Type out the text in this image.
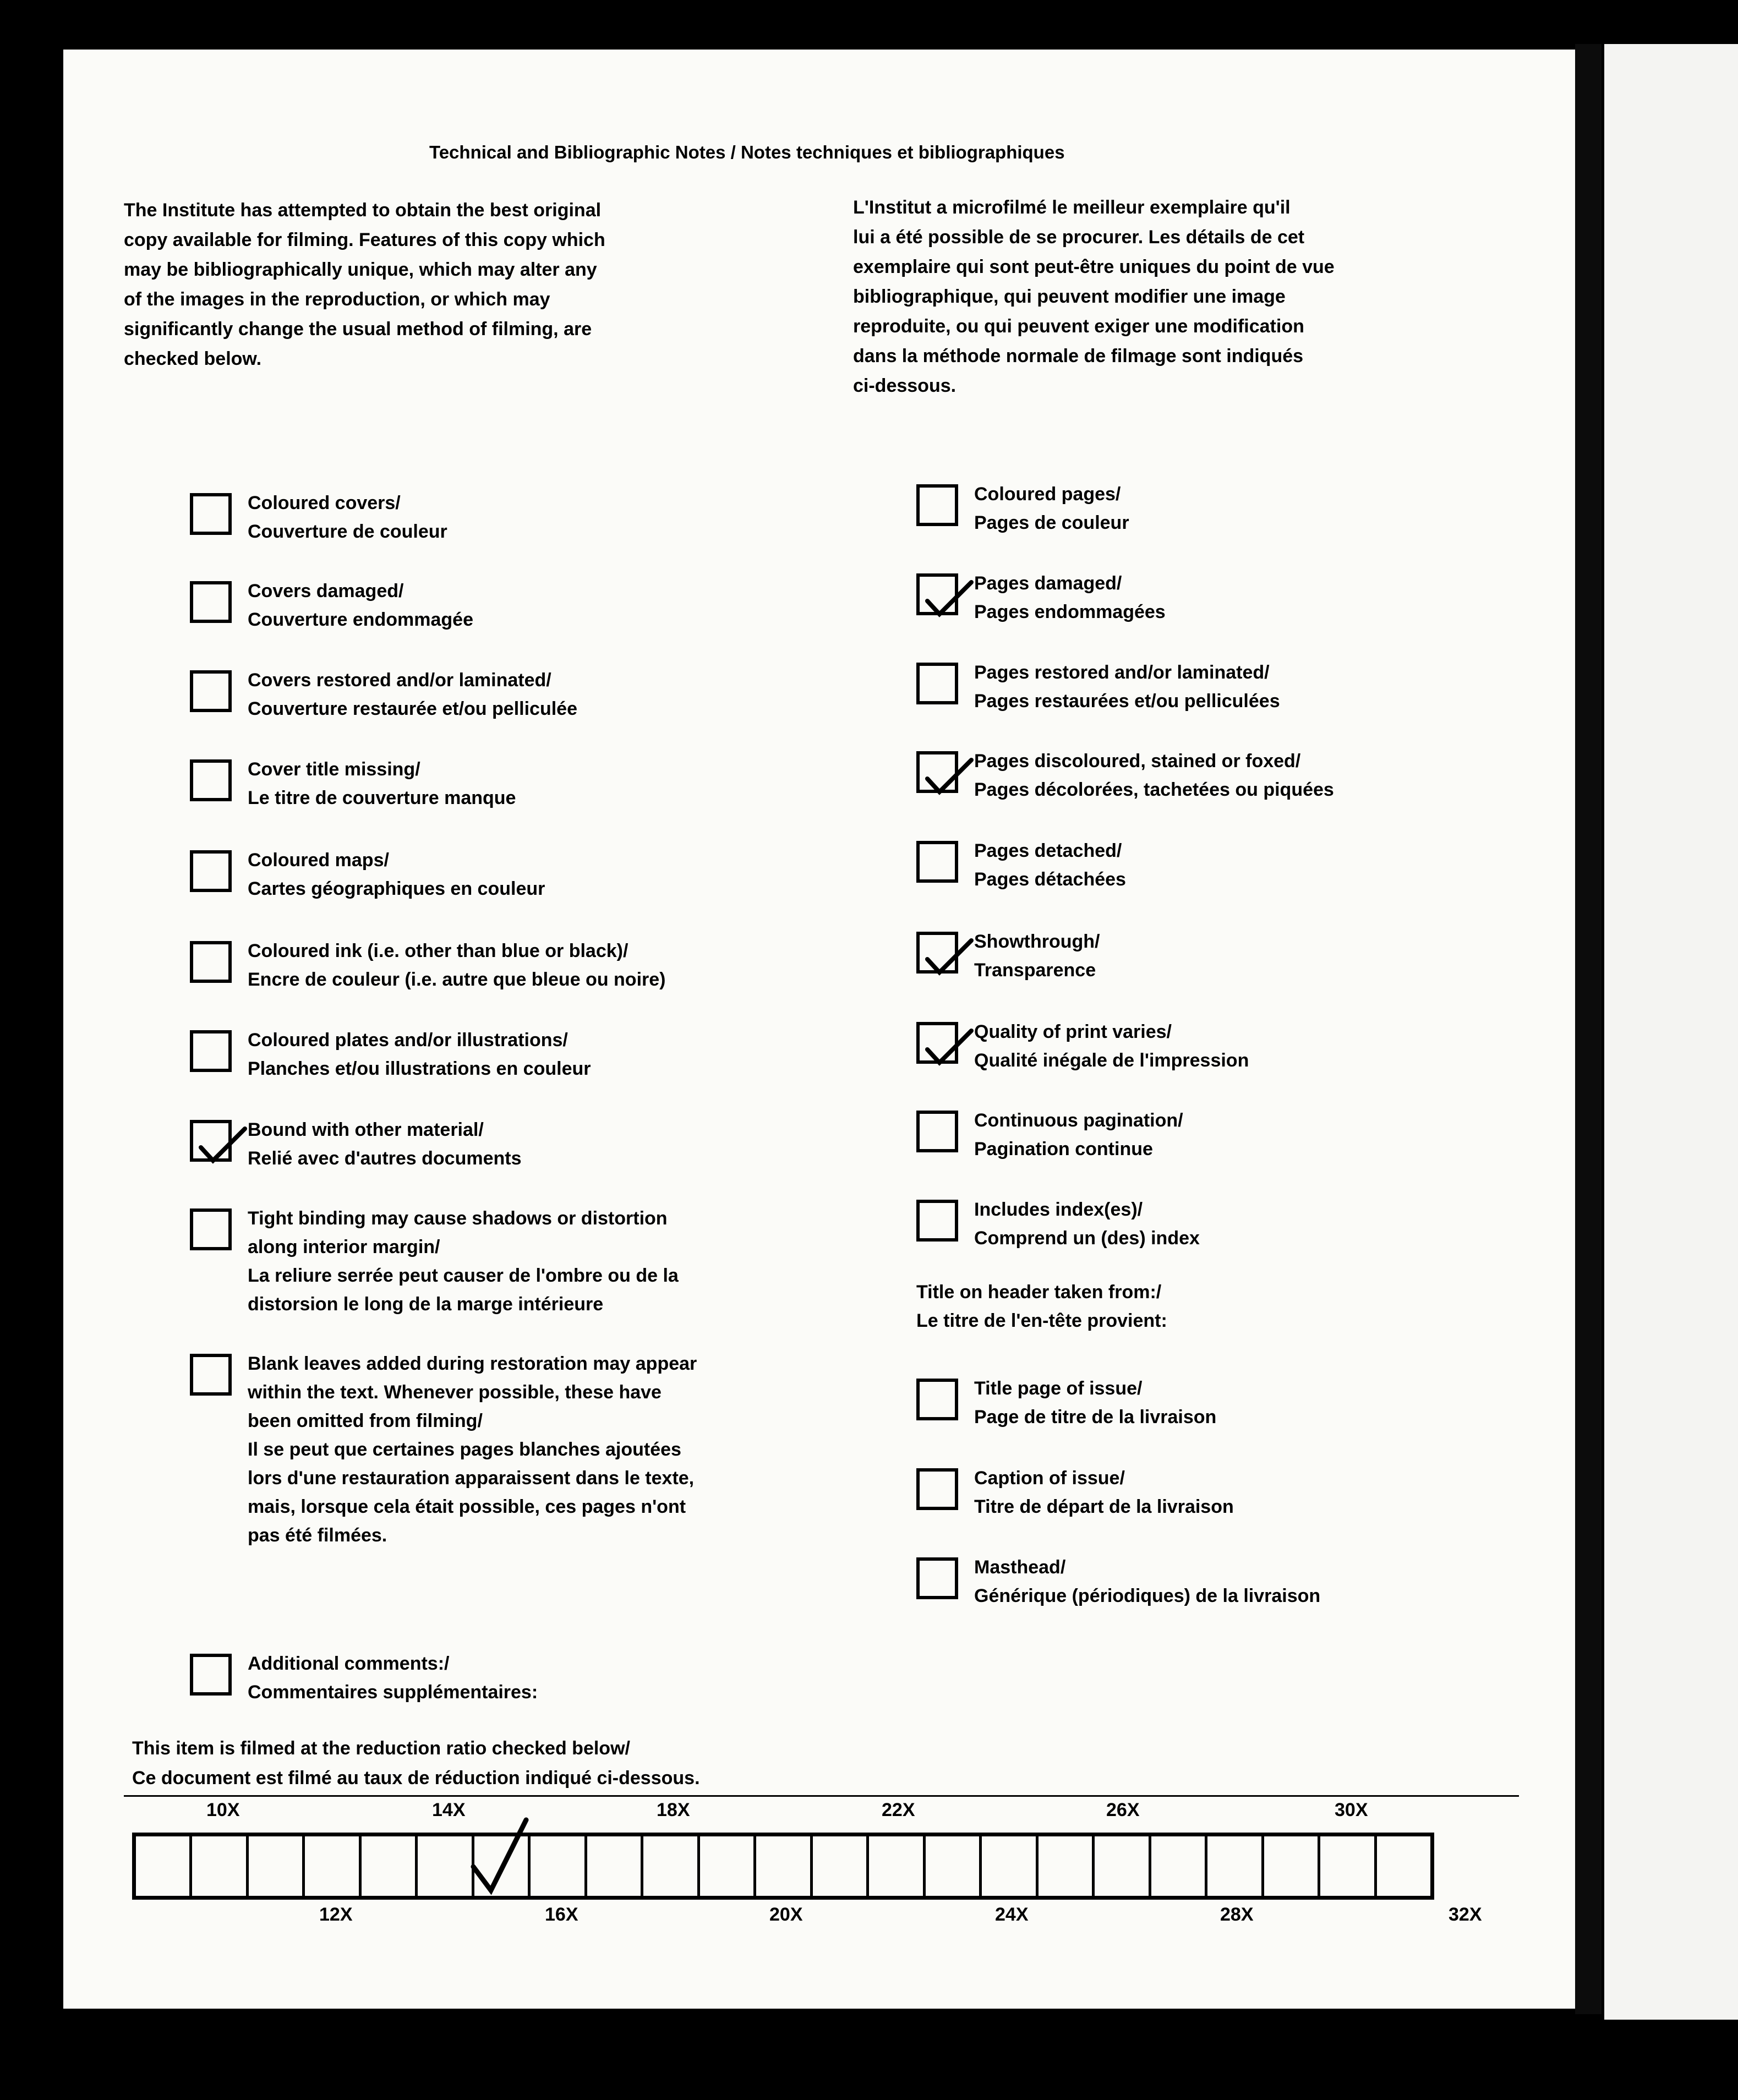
Technical and Bibliographic Notes / Notes techniques et bibliographiques
The Institute has attempted to obtain the best original
copy available for filming. Features of this copy which
may be bibliographically unique, which may alter any
of the images in the reproduction, or which may
significantly change the usual method of filming, are
checked below.
L'Institut a microfilmé le meilleur exemplaire qu'il
lui a été possible de se procurer. Les détails de cet
exemplaire qui sont peut-être uniques du point de vue
bibliographique, qui peuvent modifier une image
reproduite, ou qui peuvent exiger une modification
dans la méthode normale de filmage sont indiqués
ci-dessous.
Coloured covers/
Couverture de couleur
Covers damaged/
Couverture endommagée
Covers restored and/or laminated/
Couverture restaurée et/ou pelliculée
Cover title missing/
Le titre de couverture manque
Coloured maps/
Cartes géographiques en couleur
Coloured ink (i.e. other than blue or black)/
Encre de couleur (i.e. autre que bleue ou noire)
Coloured plates and/or illustrations/
Planches et/ou illustrations en couleur
Bound with other material/
Relié avec d'autres documents
Tight binding may cause shadows or distortion
along interior margin/
La reliure serrée peut causer de l'ombre ou de la
distorsion le long de la marge intérieure
Blank leaves added during restoration may appear
within the text. Whenever possible, these have
been omitted from filming/
Il se peut que certaines pages blanches ajoutées
lors d'une restauration apparaissent dans le texte,
mais, lorsque cela était possible, ces pages n'ont
pas été filmées.
Additional comments:/
Commentaires supplémentaires:
Coloured pages/
Pages de couleur
Pages damaged/
Pages endommagées
Pages restored and/or laminated/
Pages restaurées et/ou pelliculées
Pages discoloured, stained or foxed/
Pages décolorées, tachetées ou piquées
Pages detached/
Pages détachées
Showthrough/
Transparence
Quality of print varies/
Qualité inégale de l'impression
Continuous pagination/
Pagination continue
Includes index(es)/
Comprend un (des) index
Title page of issue/
Page de titre de la livraison
Caption of issue/
Titre de départ de la livraison
Masthead/
Générique (périodiques) de la livraison
Title on header taken from:/
Le titre de l'en-tête provient:
This item is filmed at the reduction ratio checked below/
Ce document est filmé au taux de réduction indiqué ci-dessous.
10X	14X	18X	22X	26X	30X
12X	16X	20X	24X	28X	32X
